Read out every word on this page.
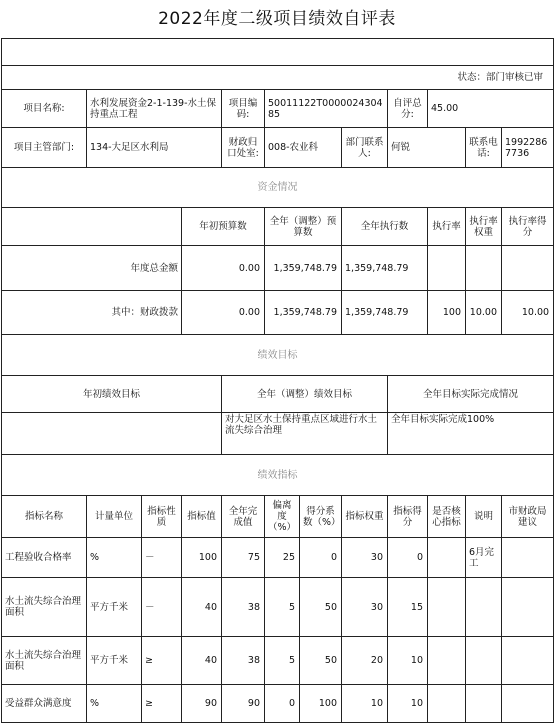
2022年度二级项目绩效自评表

状态：部门审核已审											
项目名称:	水利发展资金2-1-139-水土保持重点工程			项目编码:	50011122T000002430485			自评总分:	45.00		
项目主管部门:	134-大足区水利局			财政归口处室:	008-农业科		部门联系人:	何锐		联系电话:	19922867736
资金情况											
			年初预算数		全年（调整）预算数		全年执行数		执行率	执行率权重	执行率得分
年度总金额			0.00		1,359,748.79		1,359,748.79				
其中：财政拨款			0.00		1,359,748.79		1,359,748.79		100	10.00	10.00
绩效目标											
年初绩效目标				全年（调整）绩效目标				全年目标实际完成情况			
				对大足区水土保持重点区域进行水土流失综合治理				全年目标实际完成100%			
绩效指标											
指标名称	计量单位	指标性质	指标值	全年完成值	偏离度（%）	得分系数（%）	指标权重	指标得分	是否核心指标	说明	市财政局建议
工程验收合格率	%	－	100	75	25	0	30	0		6月完工	
水土流失综合治理面积	平方千米	－	40	38	5	50	30	15			
水土流失综合治理面积	平方千米	≥	40	38	5	50	20	10			
受益群众满意度	%	≥	90	90	0	100	10	10			
